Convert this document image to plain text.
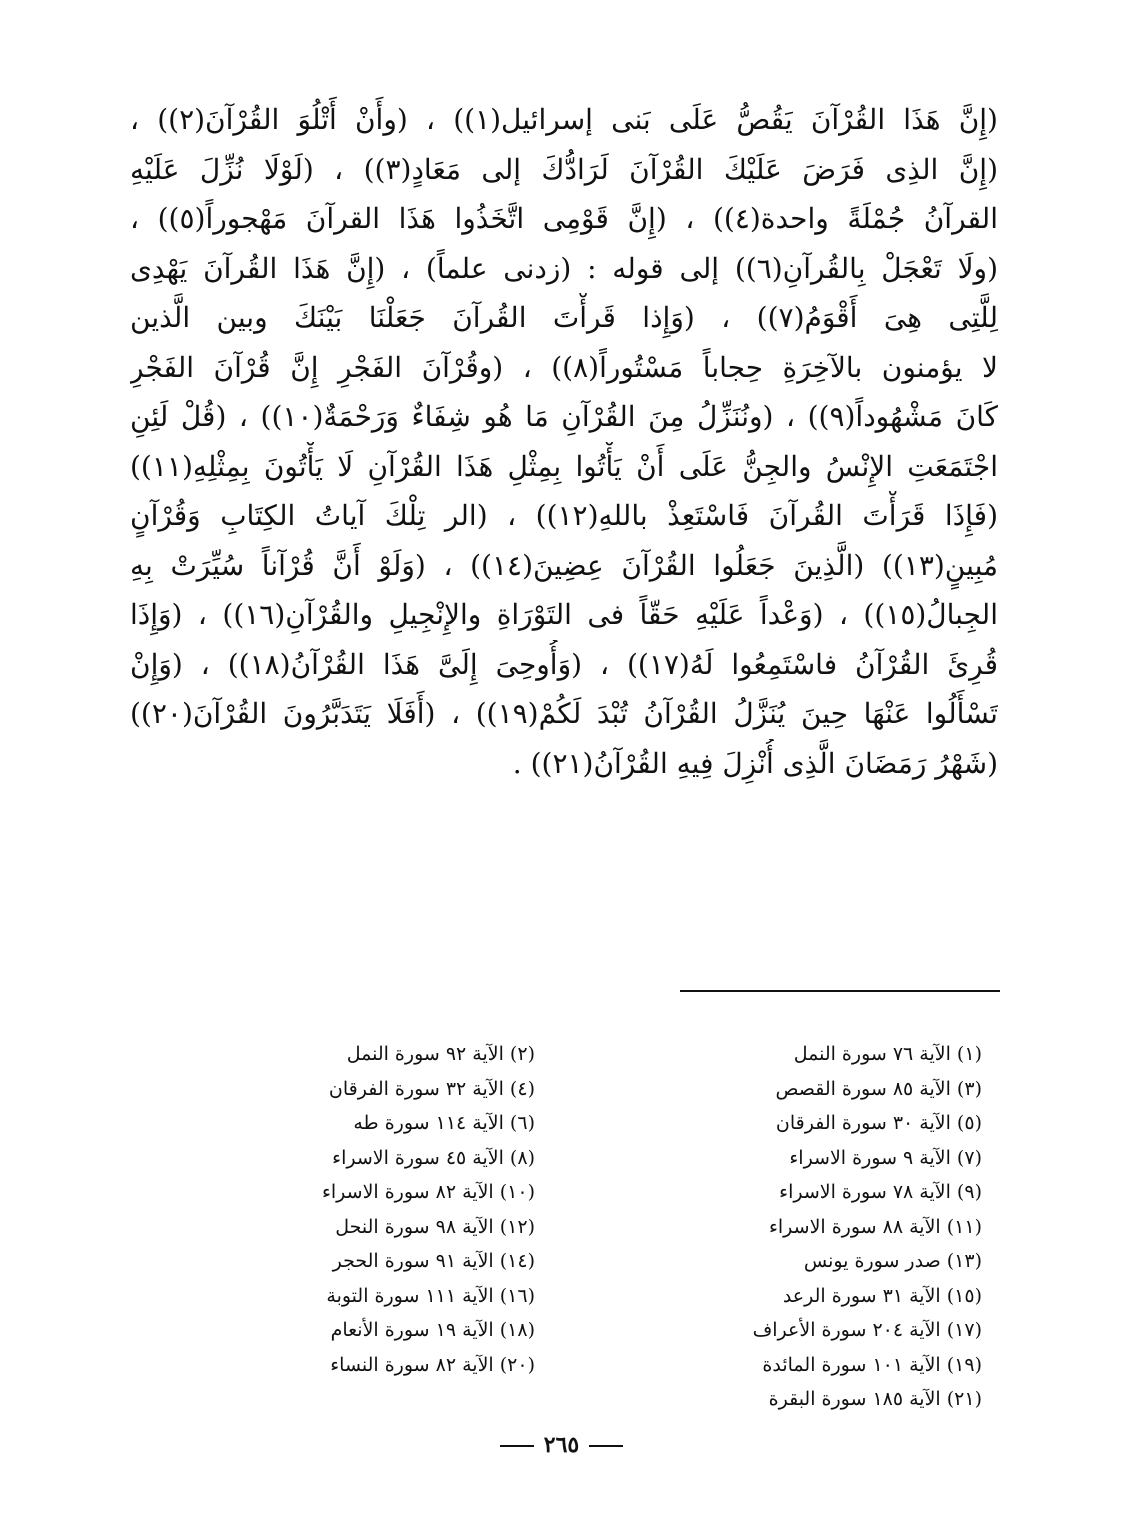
(إِنَّ هَذَا القُرْآنَ يَقُصُّ عَلَى بَنى إسرائيل(١)) ، (وأَنْ أَتْلُوَ القُرْآنَ(٢)) ،
(إِنَّ الذِى فَرَضَ عَلَيْكَ القُرْآنَ لَرَادُّكَ إلى مَعَادٍ(٣)) ، (لَوْلَا نُزِّلَ عَلَيْهِ
القرآنُ جُمْلَةً واحدة(٤)) ، (إِنَّ قَوْمِى اتَّخَذُوا هَذَا القرآنَ مَهْجوراً(٥)) ،
(ولَا تَعْجَلْ بِالقُرآنِ(٦)) إلى قوله : (زدنى علماً) ، (إِنَّ هَذَا القُرآنَ يَهْدِى
لِلَّتِى هِىَ أَقْوَمُ(٧)) ، (وَإِذا قَرأْتَ القُرآنَ جَعَلْنَا بَيْنَكَ وبين الَّذين
لا يؤمنون بالآخِرَةِ حِجاباً مَسْتُوراً(٨)) ، (وقُرْآنَ الفَجْرِ إِنَّ قُرْآنَ الفَجْرِ
كَانَ مَشْهُوداً(٩)) ، (ونُنَزِّلُ مِنَ القُرْآنِ مَا هُو شِفَاءٌ وَرَحْمَةٌ(١٠)) ، (قُلْ لَئِنِ
اجْتَمَعَتِ الإِنْسُ والجِنُّ عَلَى أَنْ يَأْتُوا بِمِثْلِ هَذَا القُرْآنِ لَا يَأْتُونَ بِمِثْلِهِ(١١))
(فَإِذَا قَرَأْتَ القُرآنَ فَاسْتَعِذْ باللهِ(١٢)) ، (الر تِلْكَ آياتُ الكِتَابِ وَقُرْآنٍ
مُبِينٍ(١٣)) (الَّذِينَ جَعَلُوا القُرْآنَ عِضِينَ(١٤)) ، (وَلَوْ أَنَّ قُرْآناً سُيِّرَتْ بِهِ
الجِبالُ(١٥)) ، (وَعْداً عَلَيْهِ حَقّاً فى التَوْرَاةِ والإِنْجِيلِ والقُرْآنِ(١٦)) ، (وَإِذَا
قُرِئَ القُرْآنُ فاسْتَمِعُوا لَهُ(١٧)) ، (وَأُوحِىَ إِلَىَّ هَذَا القُرْآنُ(١٨)) ، (وَإِنْ
تَسْأَلُوا عَنْهَا حِينَ يُنَزَّلُ القُرْآنُ تُبْدَ لَكُمْ(١٩)) ، (أَفَلَا يَتَدَبَّرُونَ القُرْآنَ(٢٠))
(شَهْرُ رَمَضَانَ الَّذِى أُنْزِلَ فِيهِ القُرْآنُ(٢١)) .
(١) الآية ٧٦ سورة النمل
(٣) الآية ٨٥ سورة القصص
(٥) الآية ٣٠ سورة الفرقان
(٧) الآية ٩ سورة الاسراء
(٩) الآية ٧٨ سورة الاسراء
(١١) الآية ٨٨ سورة الاسراء
(١٣) صدر سورة يونس
(١٥) الآية ٣١ سورة الرعد
(١٧) الآية ٢٠٤ سورة الأعراف
(١٩) الآية ١٠١ سورة المائدة
(٢١) الآية ١٨٥ سورة البقرة
(٢) الآية ٩٢ سورة النمل
(٤) الآية ٣٢ سورة الفرقان
(٦) الآية ١١٤ سورة طه
(٨) الآية ٤٥ سورة الاسراء
(١٠) الآية ٨٢ سورة الاسراء
(١٢) الآية ٩٨ سورة النحل
(١٤) الآية ٩١ سورة الحجر
(١٦) الآية ١١١ سورة التوبة
(١٨) الآية ١٩ سورة الأنعام
(٢٠) الآية ٨٢ سورة النساء
٢٦٥
